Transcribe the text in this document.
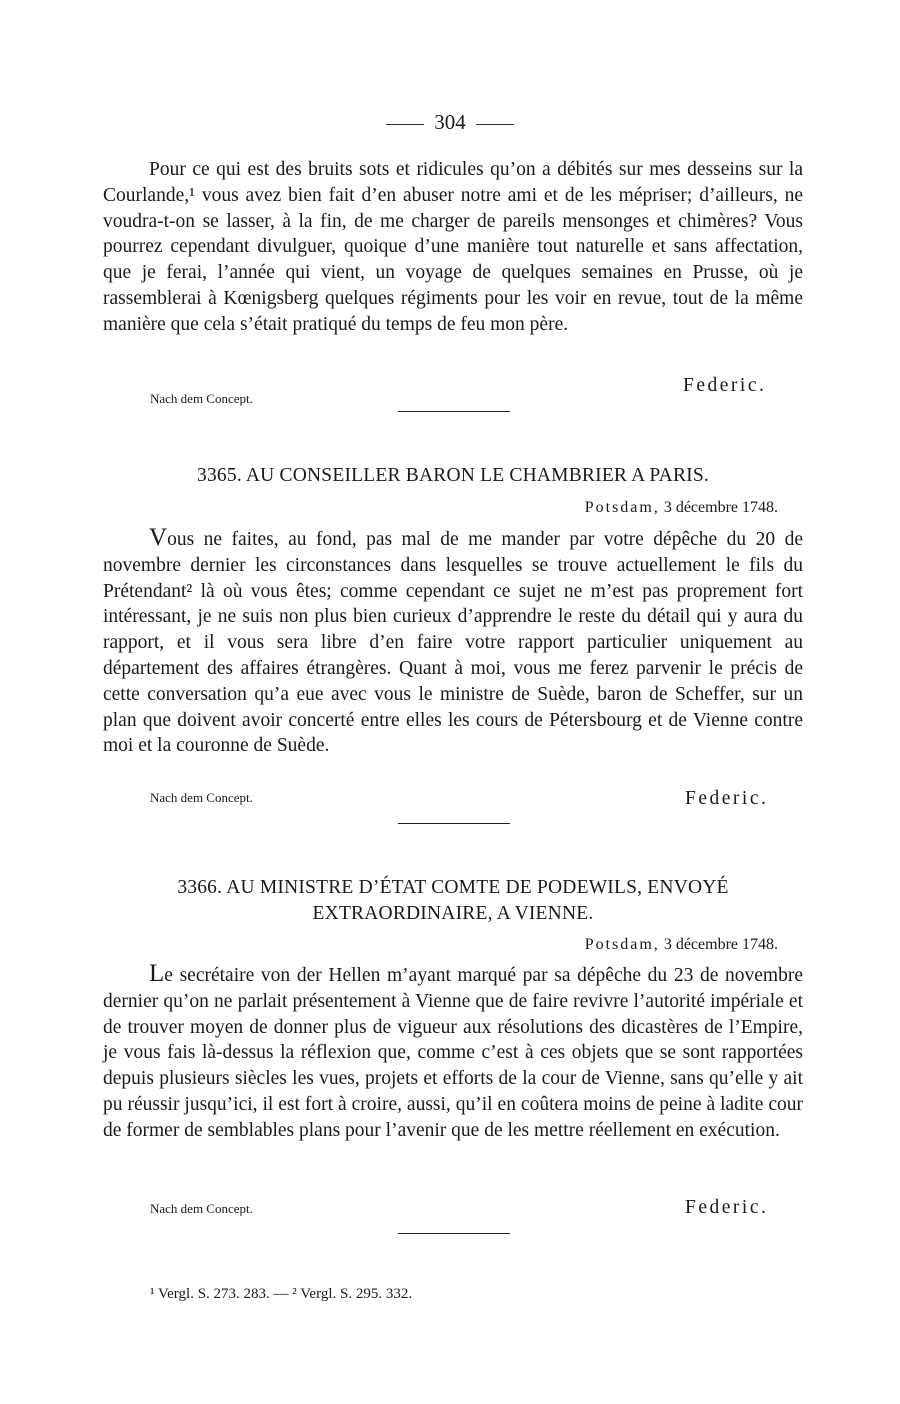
304
Pour ce qui est des bruits sots et ridicules qu’on a débités sur mes desseins sur la Courlande,¹ vous avez bien fait d’en abuser notre ami et de les mépriser; d’ailleurs, ne voudra-t-on se lasser, à la fin, de me charger de pareils mensonges et chimères? Vous pourrez cependant divulguer, quoique d’une manière tout naturelle et sans affectation, que je ferai, l’année qui vient, un voyage de quelques semaines en Prusse, où je rassemblerai à Kœnigsberg quelques régiments pour les voir en revue, tout de la même manière que cela s’était pratiqué du temps de feu mon père.
Nach dem Concept.
Federic.
3365. AU CONSEILLER BARON LE CHAMBRIER A PARIS.
Potsdam, 3 décembre 1748.
Vous ne faites, au fond, pas mal de me mander par votre dépêche du 20 de novembre dernier les circonstances dans lesquelles se trouve actuellement le fils du Prétendant² là où vous êtes; comme cependant ce sujet ne m’est pas proprement fort intéressant, je ne suis non plus bien curieux d’apprendre le reste du détail qui y aura du rapport, et il vous sera libre d’en faire votre rapport particulier uniquement au département des affaires étrangères. Quant à moi, vous me ferez parvenir le précis de cette conversation qu’a eue avec vous le ministre de Suède, baron de Scheffer, sur un plan que doivent avoir concerté entre elles les cours de Pétersbourg et de Vienne contre moi et la couronne de Suède.
Nach dem Concept.	Federic.
3366. AU MINISTRE D’ÉTAT COMTE DE PODEWILS, ENVOYÉ
EXTRAORDINAIRE, A VIENNE.
Potsdam, 3 décembre 1748.
Le secrétaire von der Hellen m’ayant marqué par sa dépêche du 23 de novembre dernier qu’on ne parlait présentement à Vienne que de faire revivre l’autorité impériale et de trouver moyen de donner plus de vigueur aux résolutions des dicastères de l’Empire, je vous fais là-dessus la réflexion que, comme c’est à ces objets que se sont rapportées depuis plusieurs siècles les vues, projets et efforts de la cour de Vienne, sans qu’elle y ait pu réussir jusqu’ici, il est fort à croire, aussi, qu’il en coûtera moins de peine à ladite cour de former de semblables plans pour l’avenir que de les mettre réellement en exécution.
Nach dem Concept.	Federic.
¹ Vergl. S. 273. 283. — ² Vergl. S. 295. 332.
